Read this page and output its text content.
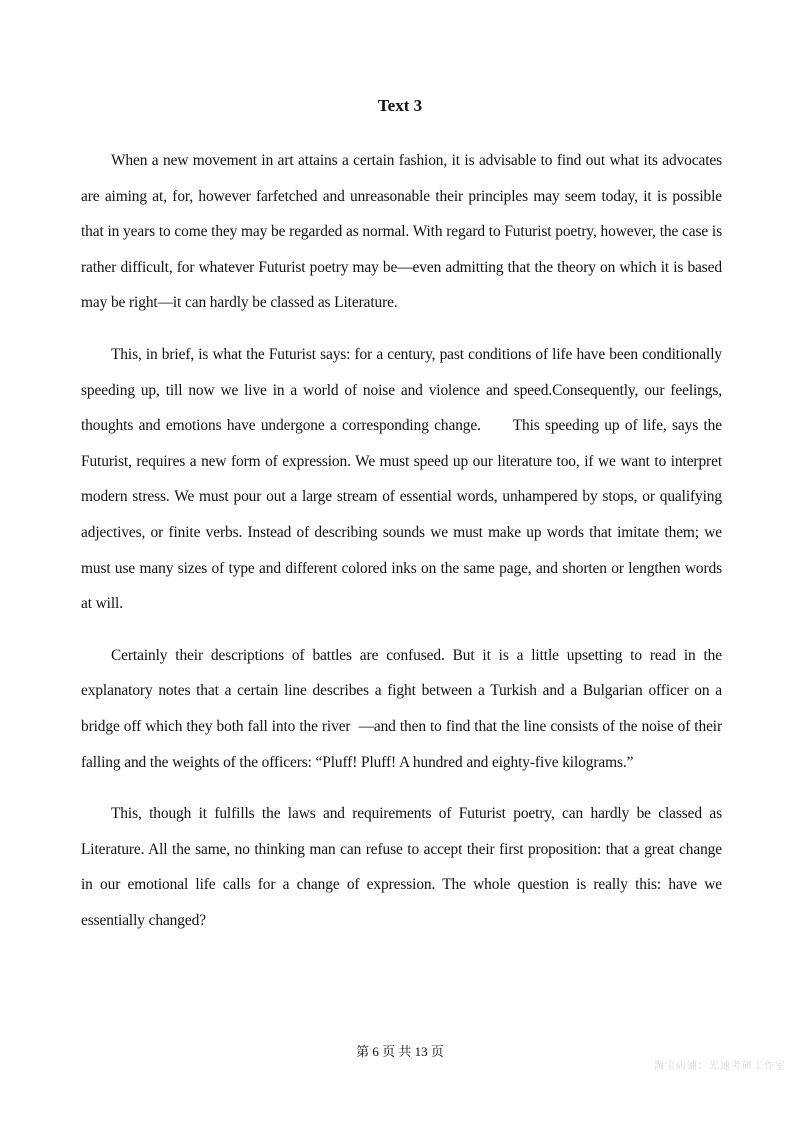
Text 3

When a new movement in art attains a certain fashion, it is advisable to find out what its advocates are aiming at, for, however farfetched and unreasonable their principles may seem today, it is possible that in years to come they may be regarded as normal. With regard to Futurist poetry, however, the case is rather difficult, for whatever Futurist poetry may be—even admitting that the theory on which it is based may be right—it can hardly be classed as Literature.

This, in brief, is what the Futurist says: for a century, past conditions of life have been conditionally speeding up, till now we live in a world of noise and violence and speed.Consequently, our feelings, thoughts and emotions have undergone a corresponding change.      This speeding up of life, says the Futurist, requires a new form of expression. We must speed up our literature too, if we want to interpret modern stress. We must pour out a large stream of essential words, unhampered by stops, or qualifying adjectives, or finite verbs. Instead of describing sounds we must make up words that imitate them; we must use many sizes of type and different colored inks on the same page, and shorten or lengthen words at will.

Certainly their descriptions of battles are confused. But it is a little upsetting to read in the explanatory notes that a certain line describes a fight between a Turkish and a Bulgarian officer on a bridge off which they both fall into the river  —and then to find that the line consists of the noise of their falling and the weights of the officers: “Pluff! Pluff! A hundred and eighty-five kilograms.”

This, though it fulfills the laws and requirements of Futurist poetry, can hardly be classed as Literature. All the same, no thinking man can refuse to accept their first proposition: that a great change in our emotional life calls for a change of expression. The whole question is really this: have we essentially changed?

第 6 页 共 13 页
淘宝店铺：光速考研工作室
